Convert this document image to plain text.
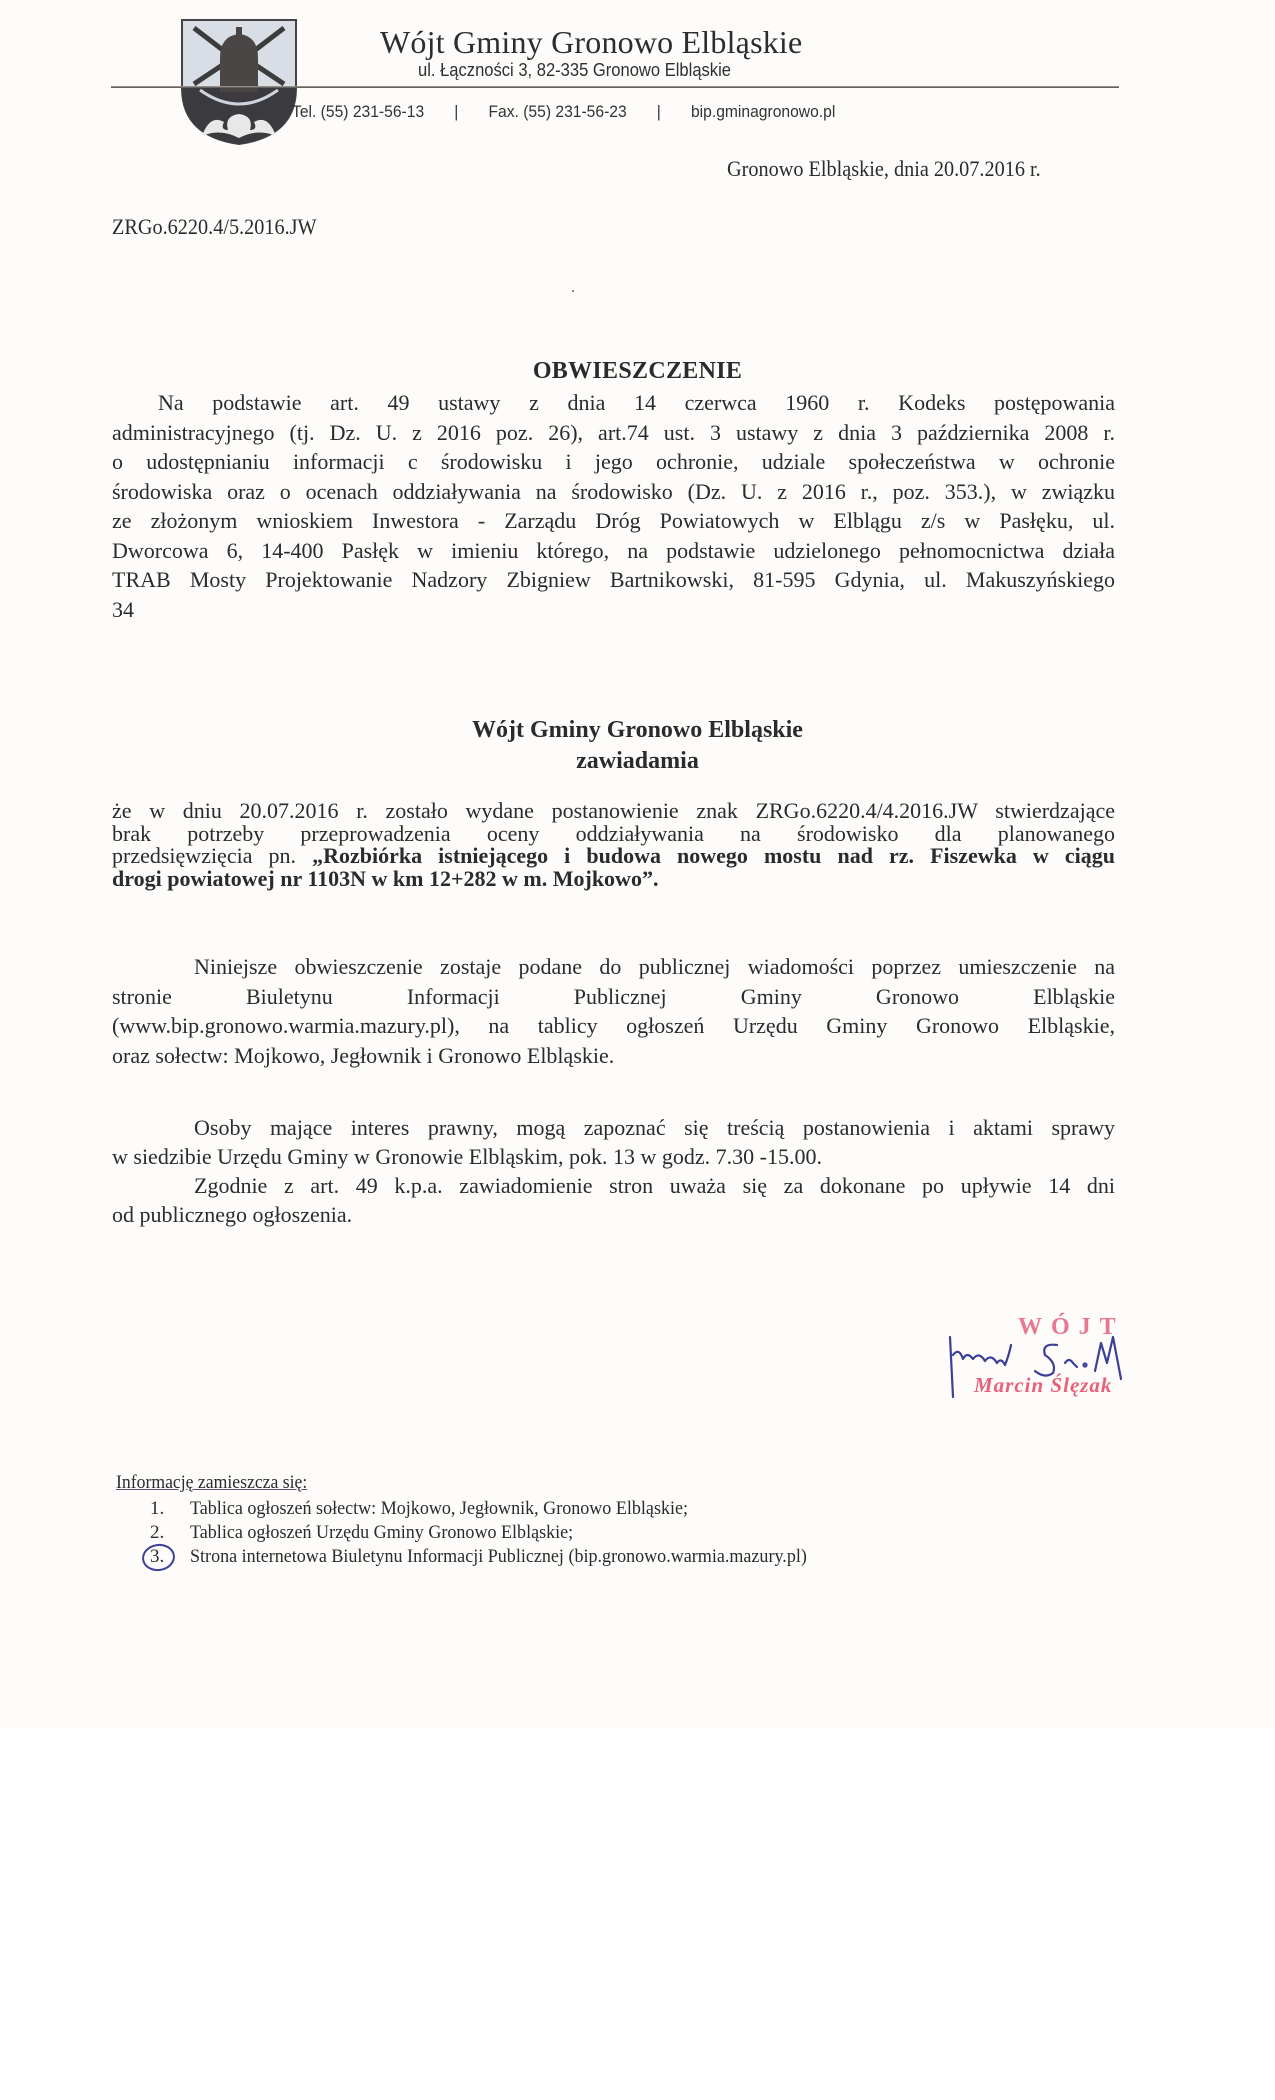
Wójt Gminy Gronowo Elbląskie
ul. Łączności 3, 82-335 Gronowo Elbląskie
Tel. (55) 231-56-13 | Fax. (55) 231-56-23 | bip.gminagronowo.pl
Gronowo Elbląskie, dnia 20.07.2016 r.
ZRGo.6220.4/5.2016.JW
OBWIESZCZENIE
Na podstawie art. 49 ustawy z dnia 14 czerwca 1960 r. Kodeks postępowania
administracyjnego (tj. Dz. U. z 2016 poz. 26), art.74 ust. 3 ustawy z dnia 3 października 2008 r.
o udostępnianiu informacji c środowisku i jego ochronie, udziale społeczeństwa w ochronie
środowiska oraz o ocenach oddziaływania na środowisko (Dz. U. z 2016 r., poz. 353.), w związku
ze złożonym wnioskiem Inwestora - Zarządu Dróg Powiatowych w Elblągu z/s w Pasłęku, ul.
Dworcowa 6, 14-400 Pasłęk w imieniu którego, na podstawie udzielonego pełnomocnictwa działa
TRAB Mosty Projektowanie Nadzory Zbigniew Bartnikowski, 81-595 Gdynia, ul. Makuszyńskiego
34
Wójt Gminy Gronowo Elbląskie
zawiadamia
że w dniu 20.07.2016 r. zostało wydane postanowienie znak ZRGo.6220.4/4.2016.JW stwierdzające
brak potrzeby przeprowadzenia oceny oddziaływania na środowisko dla planowanego
przedsięwzięcia pn. „Rozbiórka istniejącego i budowa nowego mostu nad rz. Fiszewka w ciągu
drogi powiatowej nr 1103N w km 12+282 w m. Mojkowo”.
Niniejsze obwieszczenie zostaje podane do publicznej wiadomości poprzez umieszczenie na
stronie Biuletynu Informacji Publicznej Gminy Gronowo Elbląskie
(www.bip.gronowo.warmia.mazury.pl), na tablicy ogłoszeń Urzędu Gminy Gronowo Elbląskie,
oraz sołectw: Mojkowo, Jegłownik i Gronowo Elbląskie.
Osoby mające interes prawny, mogą zapoznać się treścią postanowienia i aktami sprawy
w siedzibie Urzędu Gminy w Gronowie Elbląskim, pok. 13 w godz. 7.30 -15.00.
Zgodnie z art. 49 k.p.a. zawiadomienie stron uważa się za dokonane po upływie 14 dni
od publicznego ogłoszenia.
WÓJT
Marcin Ślęzak
Informację zamieszcza się:
1. Tablica ogłoszeń sołectw: Mojkowo, Jegłownik, Gronowo Elbląskie;
2. Tablica ogłoszeń Urzędu Gminy Gronowo Elbląskie;
3. Strona internetowa Biuletynu Informacji Publicznej (bip.gronowo.warmia.mazury.pl)
